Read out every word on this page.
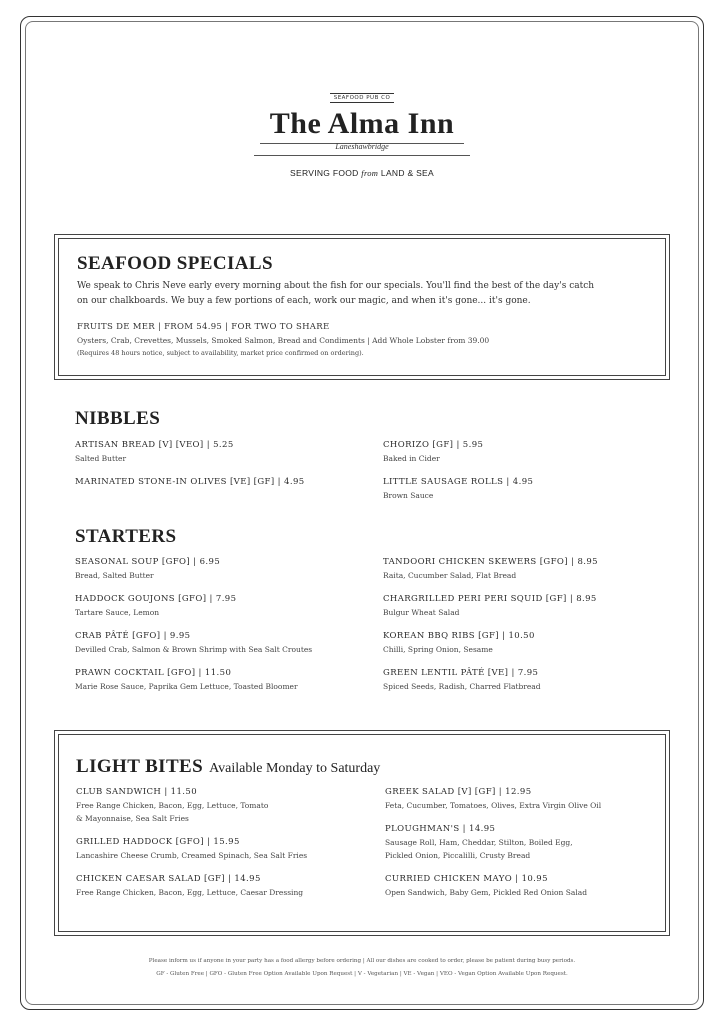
SEAFOOD PUB CO
The Alma Inn
Laneshawbridge
SERVING FOOD from LAND & SEA
SEAFOOD SPECIALS
We speak to Chris Neve early every morning about the fish for our specials. You'll find the best of the day's catch
on our chalkboards. We buy a few portions of each, work our magic, and when it's gone... it's gone.
FRUITS DE MER | FROM 54.95 | FOR TWO TO SHARE
Oysters, Crab, Crevettes, Mussels, Smoked Salmon, Bread and Condiments | Add Whole Lobster from 39.00
(Requires 48 hours notice, subject to availability, market price confirmed on ordering).
NIBBLES
ARTISAN BREAD [V] [VEO] | 5.25
Salted Butter
CHORIZO [GF] | 5.95
Baked in Cider
MARINATED STONE-IN OLIVES [VE] [GF] | 4.95	LITTLE SAUSAGE ROLLS | 4.95
Brown Sauce
STARTERS
SEASONAL SOUP [GFO] | 6.95
Bread, Salted Butter
TANDOORI CHICKEN SKEWERS [GFO] | 8.95
Raita, Cucumber Salad, Flat Bread
HADDOCK GOUJONS [GFO] | 7.95
Tartare Sauce, Lemon
CHARGRILLED PERI PERI SQUID [GF] | 8.95
Bulgur Wheat Salad
CRAB PÂTÉ [GFO] | 9.95
Devilled Crab, Salmon & Brown Shrimp with Sea Salt Croutes
KOREAN BBQ RIBS [GF] | 10.50
Chilli, Spring Onion, Sesame
PRAWN COCKTAIL [GFO] | 11.50
Marie Rose Sauce, Paprika Gem Lettuce, Toasted Bloomer
GREEN LENTIL PÂTÉ [VE] | 7.95
Spiced Seeds, Radish, Charred Flatbread
LIGHT BITES Available Monday to Saturday
CLUB SANDWICH | 11.50
Free Range Chicken, Bacon, Egg, Lettuce, Tomato
& Mayonnaise, Sea Salt Fries
GREEK SALAD [V] [GF] | 12.95
Feta, Cucumber, Tomatoes, Olives, Extra Virgin Olive Oil
PLOUGHMAN'S | 14.95
Sausage Roll, Ham, Cheddar, Stilton, Boiled Egg,
Pickled Onion, Piccalilli, Crusty Bread
GRILLED HADDOCK [GFO] | 15.95
Lancashire Cheese Crumb, Creamed Spinach, Sea Salt Fries
CURRIED CHICKEN MAYO | 10.95
Open Sandwich, Baby Gem, Pickled Red Onion Salad
CHICKEN CAESAR SALAD [GF] | 14.95
Free Range Chicken, Bacon, Egg, Lettuce, Caesar Dressing
Please inform us if anyone in your party has a food allergy before ordering | All our dishes are cooked to order, please be patient during busy periods.
GF - Gluten Free | GFO - Gluten Free Option Available Upon Request | V - Vegetarian | VE - Vegan | VEO - Vegan Option Available Upon Request.
